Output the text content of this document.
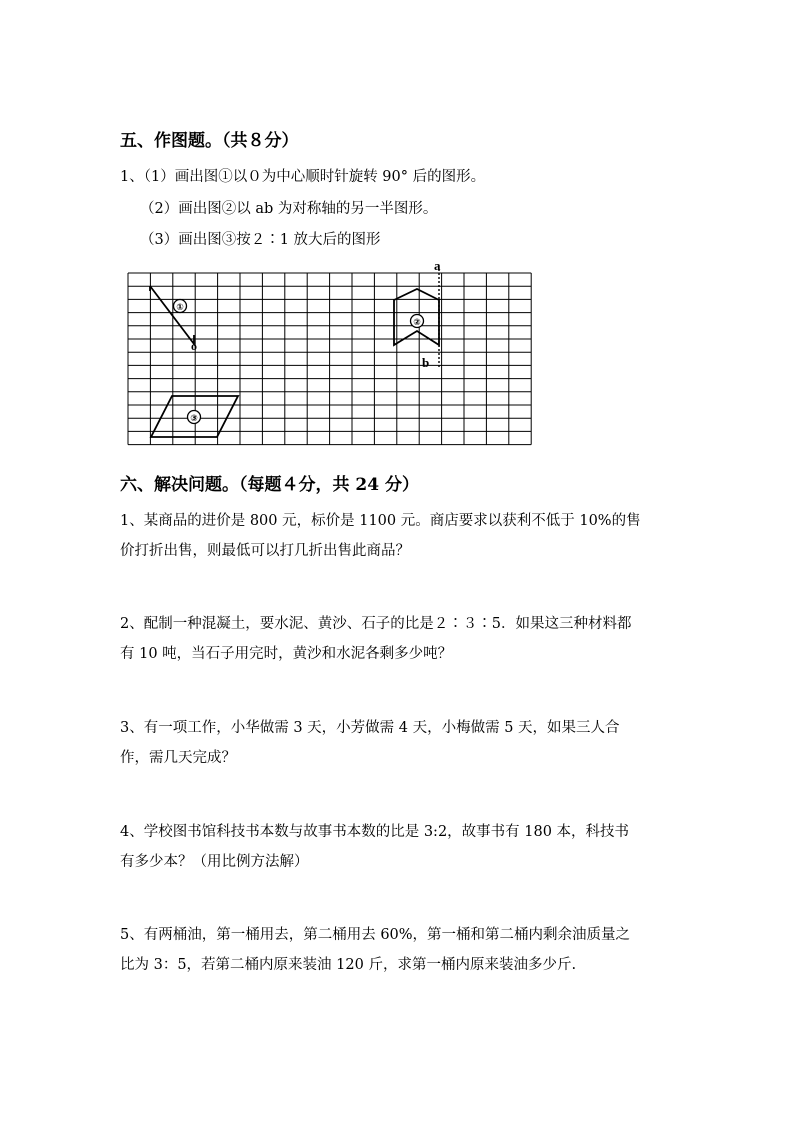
五、作图题。（共８分）
1、（1）画出图①以０为中心顺时针旋转 90° 后的图形。
（2）画出图②以 ab 为对称轴的另一半图形。
（3）画出图③按２∶1 放大后的图形
a
b
①
o
②
③
六、解决问题。（每题４分，共 24 分）
1、某商品的进价是 800 元，标价是 1100 元。商店要求以获利不低于 10%的售
价打折出售，则最低可以打几折出售此商品？
2、配制一种混凝土，要水泥、黄沙、石子的比是２∶３∶5．如果这三种材料都
有 10 吨，当石子用完时，黄沙和水泥各剩多少吨？
3、有一项工作，小华做需 3 天，小芳做需 4 天，小梅做需 5 天，如果三人合
作，需几天完成？
4、学校图书馆科技书本数与故事书本数的比是 3:2，故事书有 180 本，科技书
有多少本？（用比例方法解）
5、有两桶油，第一桶用去，第二桶用去 60%，第一桶和第二桶内剩余油质量之
比为 3：5，若第二桶内原来装油 120 斤，求第一桶内原来装油多少斤.
